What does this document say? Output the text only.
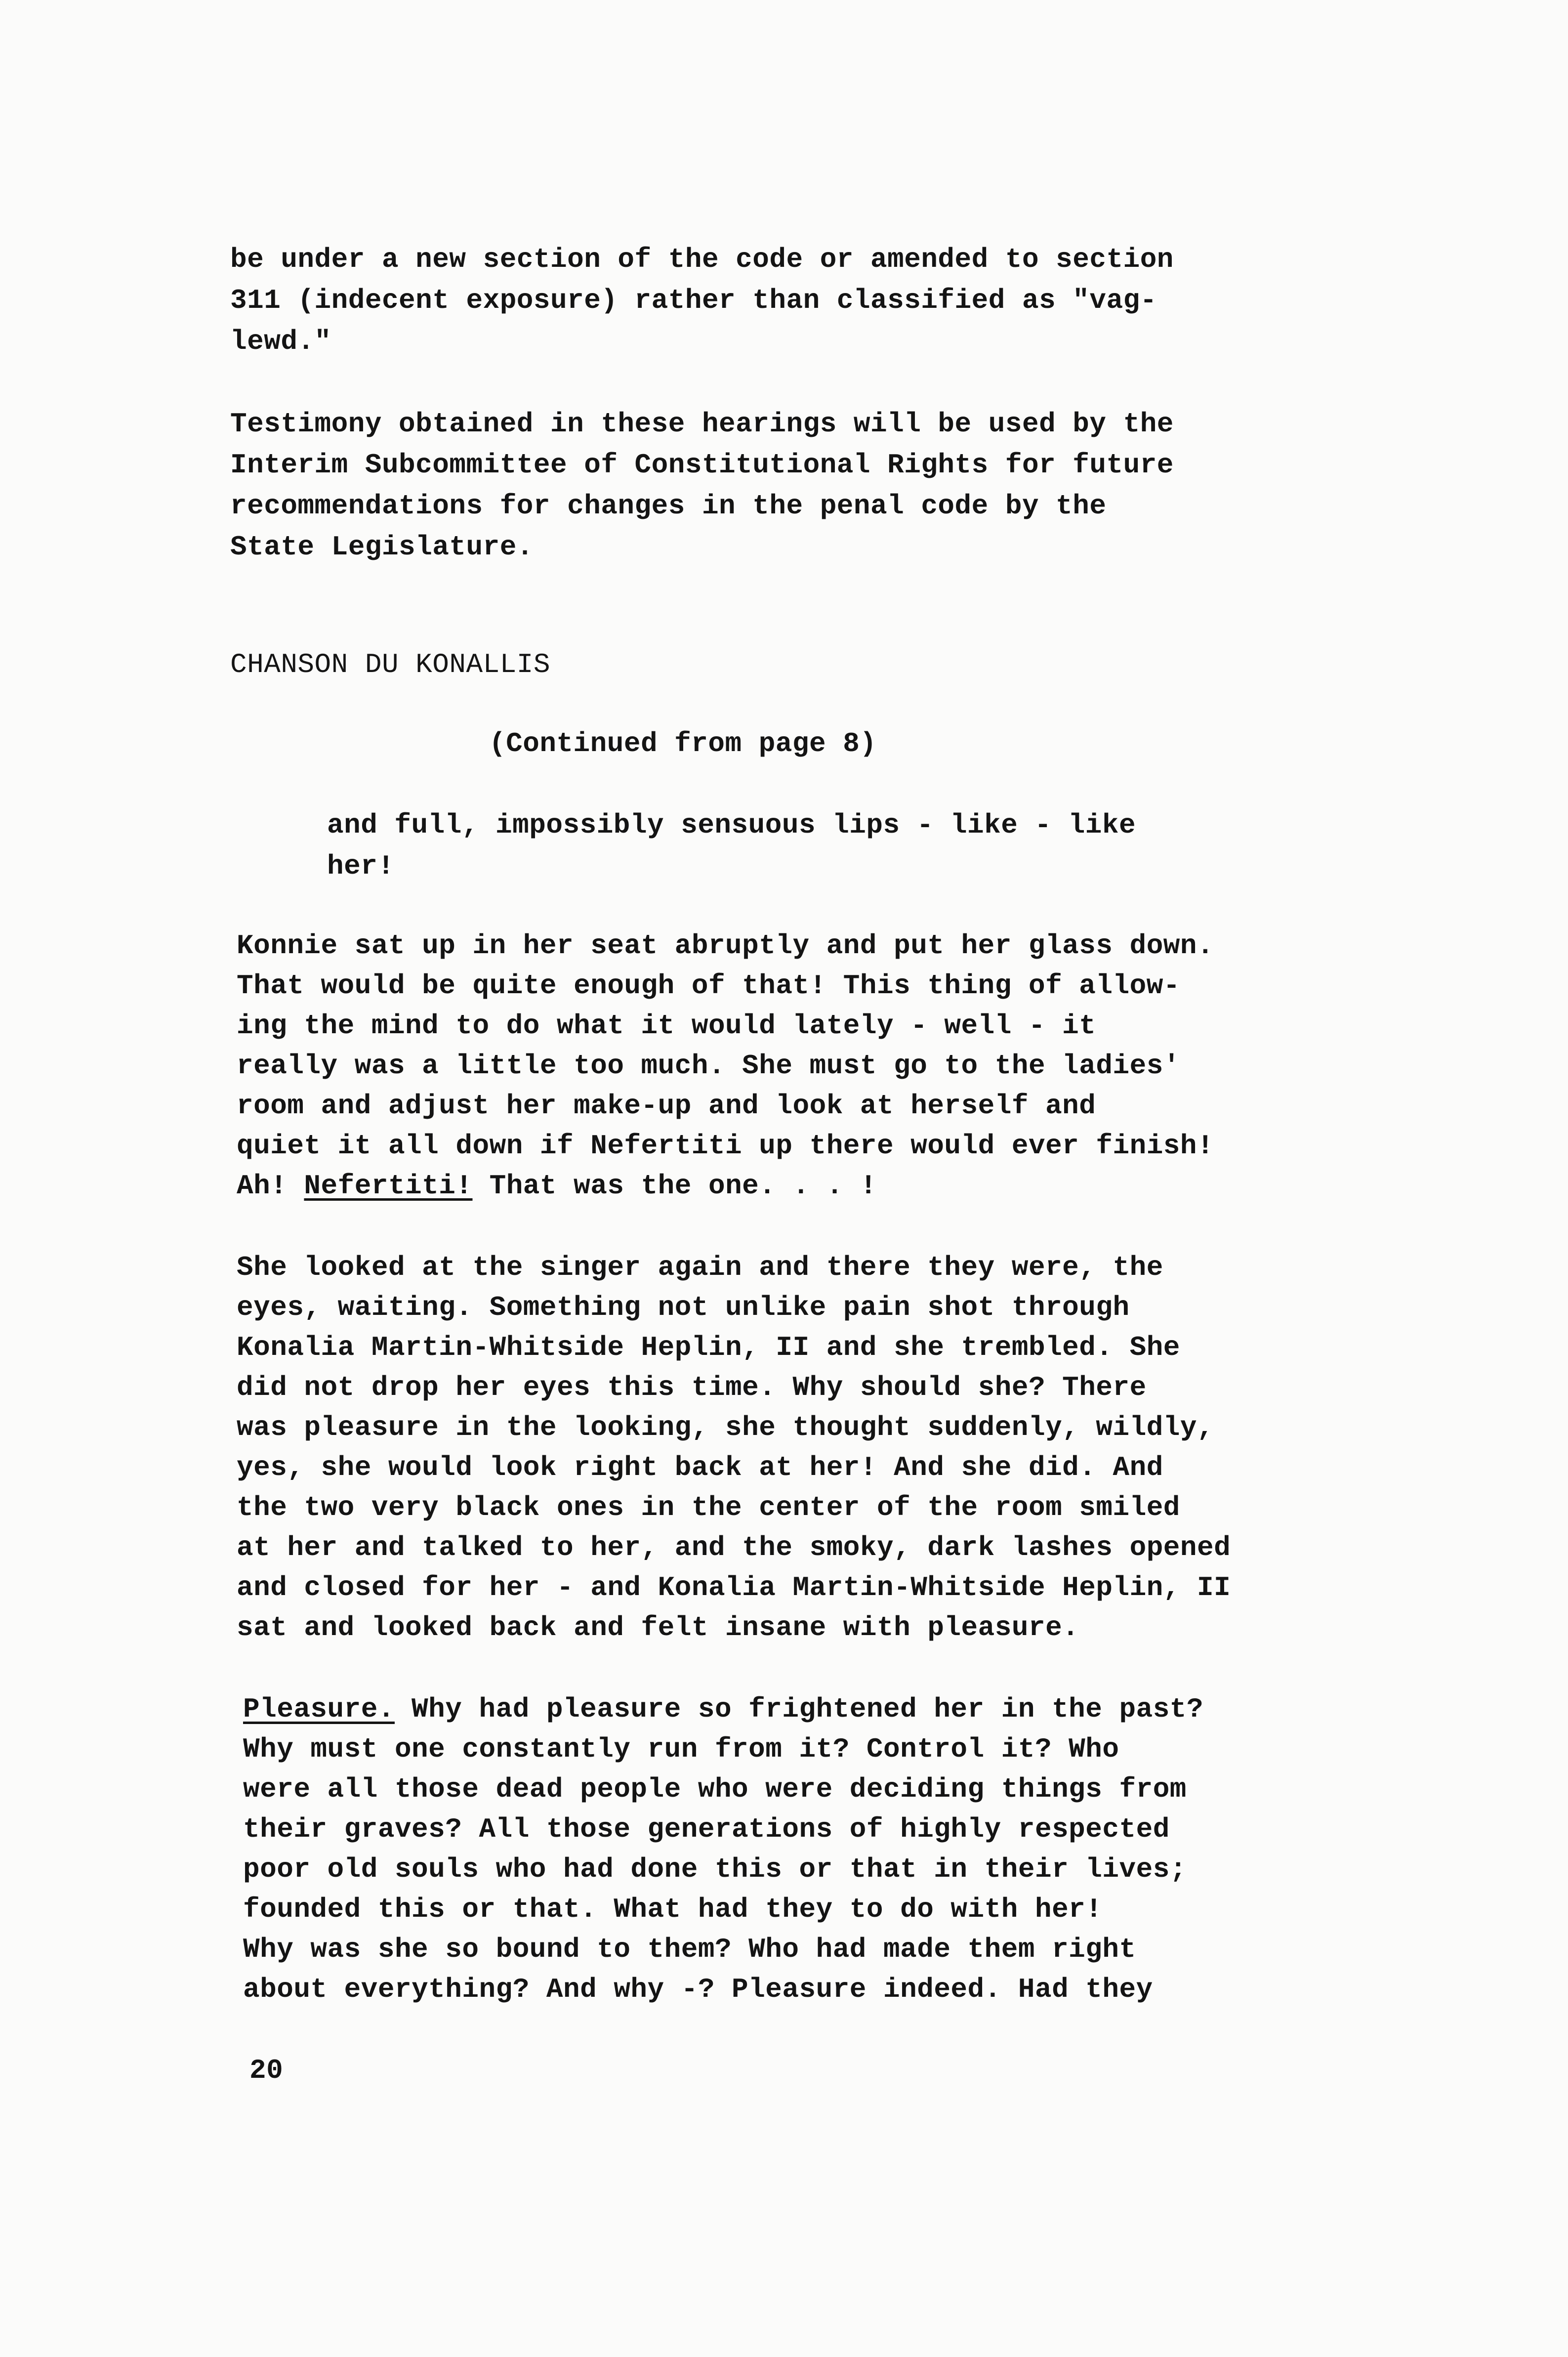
be under a new section of the code or amended to section
311 (indecent exposure) rather than classified as "vag-
lewd."
Testimony obtained in these hearings will be used by the
Interim Subcommittee of Constitutional Rights for future
recommendations for changes in the penal code by the
State Legislature.
CHANSON DU KONALLIS
(Continued from page 8)
and full, impossibly sensuous lips - like - like
her!
Konnie sat up in her seat abruptly and put her glass down.
That would be quite enough of that! This thing of allow-
ing the mind to do what it would lately - well - it
really was a little too much. She must go to the ladies'
room and adjust her make-up and look at herself and
quiet it all down if Nefertiti up there would ever finish!
Ah! Nefertiti! That was the one. . . !
She looked at the singer again and there they were, the
eyes, waiting. Something not unlike pain shot through
Konalia Martin-Whitside Heplin, II and she trembled. She
did not drop her eyes this time. Why should she? There
was pleasure in the looking, she thought suddenly, wildly,
yes, she would look right back at her! And she did. And
the two very black ones in the center of the room smiled
at her and talked to her, and the smoky, dark lashes opened
and closed for her - and Konalia Martin-Whitside Heplin, II
sat and looked back and felt insane with pleasure.
Pleasure. Why had pleasure so frightened her in the past?
Why must one constantly run from it? Control it? Who
were all those dead people who were deciding things from
their graves? All those generations of highly respected
poor old souls who had done this or that in their lives;
founded this or that. What had they to do with her!
Why was she so bound to them? Who had made them right
about everything? And why -? Pleasure indeed. Had they
20
